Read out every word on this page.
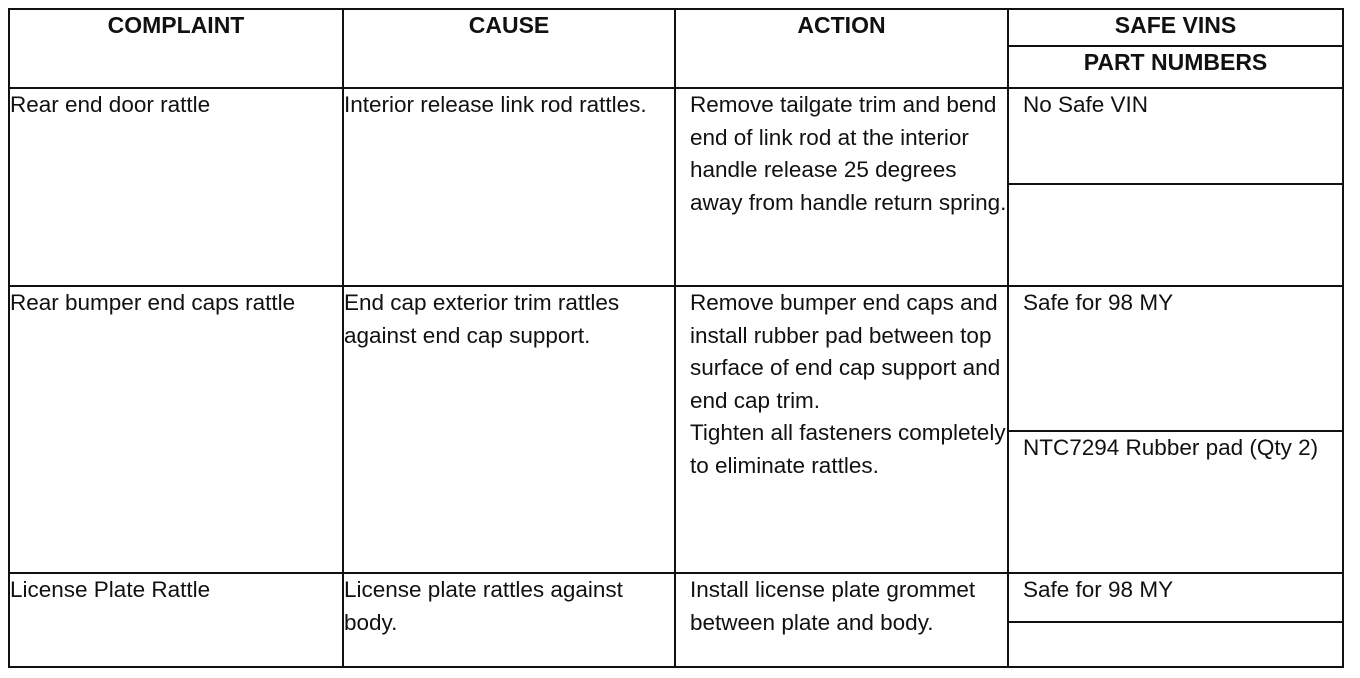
COMPLAINT	CAUSE	ACTION	SAFE VINS
			PART NUMBERS
Rear end door rattle	Interior release link rod rattles.	Remove tailgate trim and bend end of link rod at the interior handle release 25 degrees away from handle return spring.	No Safe VIN

Rear bumper end caps rattle	End cap exterior trim rattles against end cap support.	Remove bumper end caps and install rubber pad between top surface of end cap support and end cap trim.
Tighten all fasteners completely to eliminate rattles.	Safe for 98 MY
			NTC7294 Rubber pad (Qty 2)
License Plate Rattle	License plate rattles against body.	Install license plate grommet between plate and body.	Safe for 98 MY
